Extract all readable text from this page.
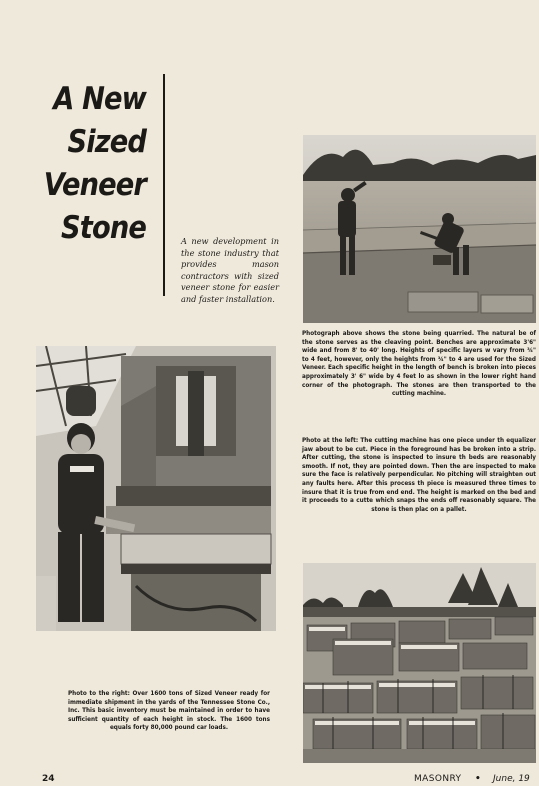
A New
Sized
Veneer
Stone	A new development in the stone industry that provides mason contractors with sized veneer stone for easier and faster installation.

Photograph above shows the stone being quarried. The natural be of the stone serves as the cleaving point. Benches are approximate 3'6" wide and from 8' to 40' long. Heights of specific layers w vary from ¾" to 4 feet, however, only the heights from ¾" to 4 are used for the Sized Veneer. Each specific height in the length of bench is broken into pieces approximately 3' 6" wide by 4 feet lo as shown in the lower right hand corner of the photograph. The stones are then transported to the cutting machine.

Photo at the left: The cutting machine has one piece under th equalizer jaw about to be cut. Piece in the foreground has be broken into a strip. After cutting, the stone is inspected to insure th beds are reasonably smooth. If not, they are pointed down. Then the are inspected to make sure the face is relatively perpendicular. No pitching will straighten out any faults here. After this process th piece is measured three times to insure that it is true from end end. The height is marked on the bed and it proceeds to a cutte which snaps the ends off reasonably square. The stone is then plac on a pallet.

Photo to the right: Over 1600 tons of Sized Veneer ready for immediate shipment in the yards of the Tennessee Stone Co., Inc. This basic inventory must be maintained in order to have sufficient quantity of each height in stock. The 1600 tons equals forty 80,000 pound car loads.

24	MASONRY • June, 19
